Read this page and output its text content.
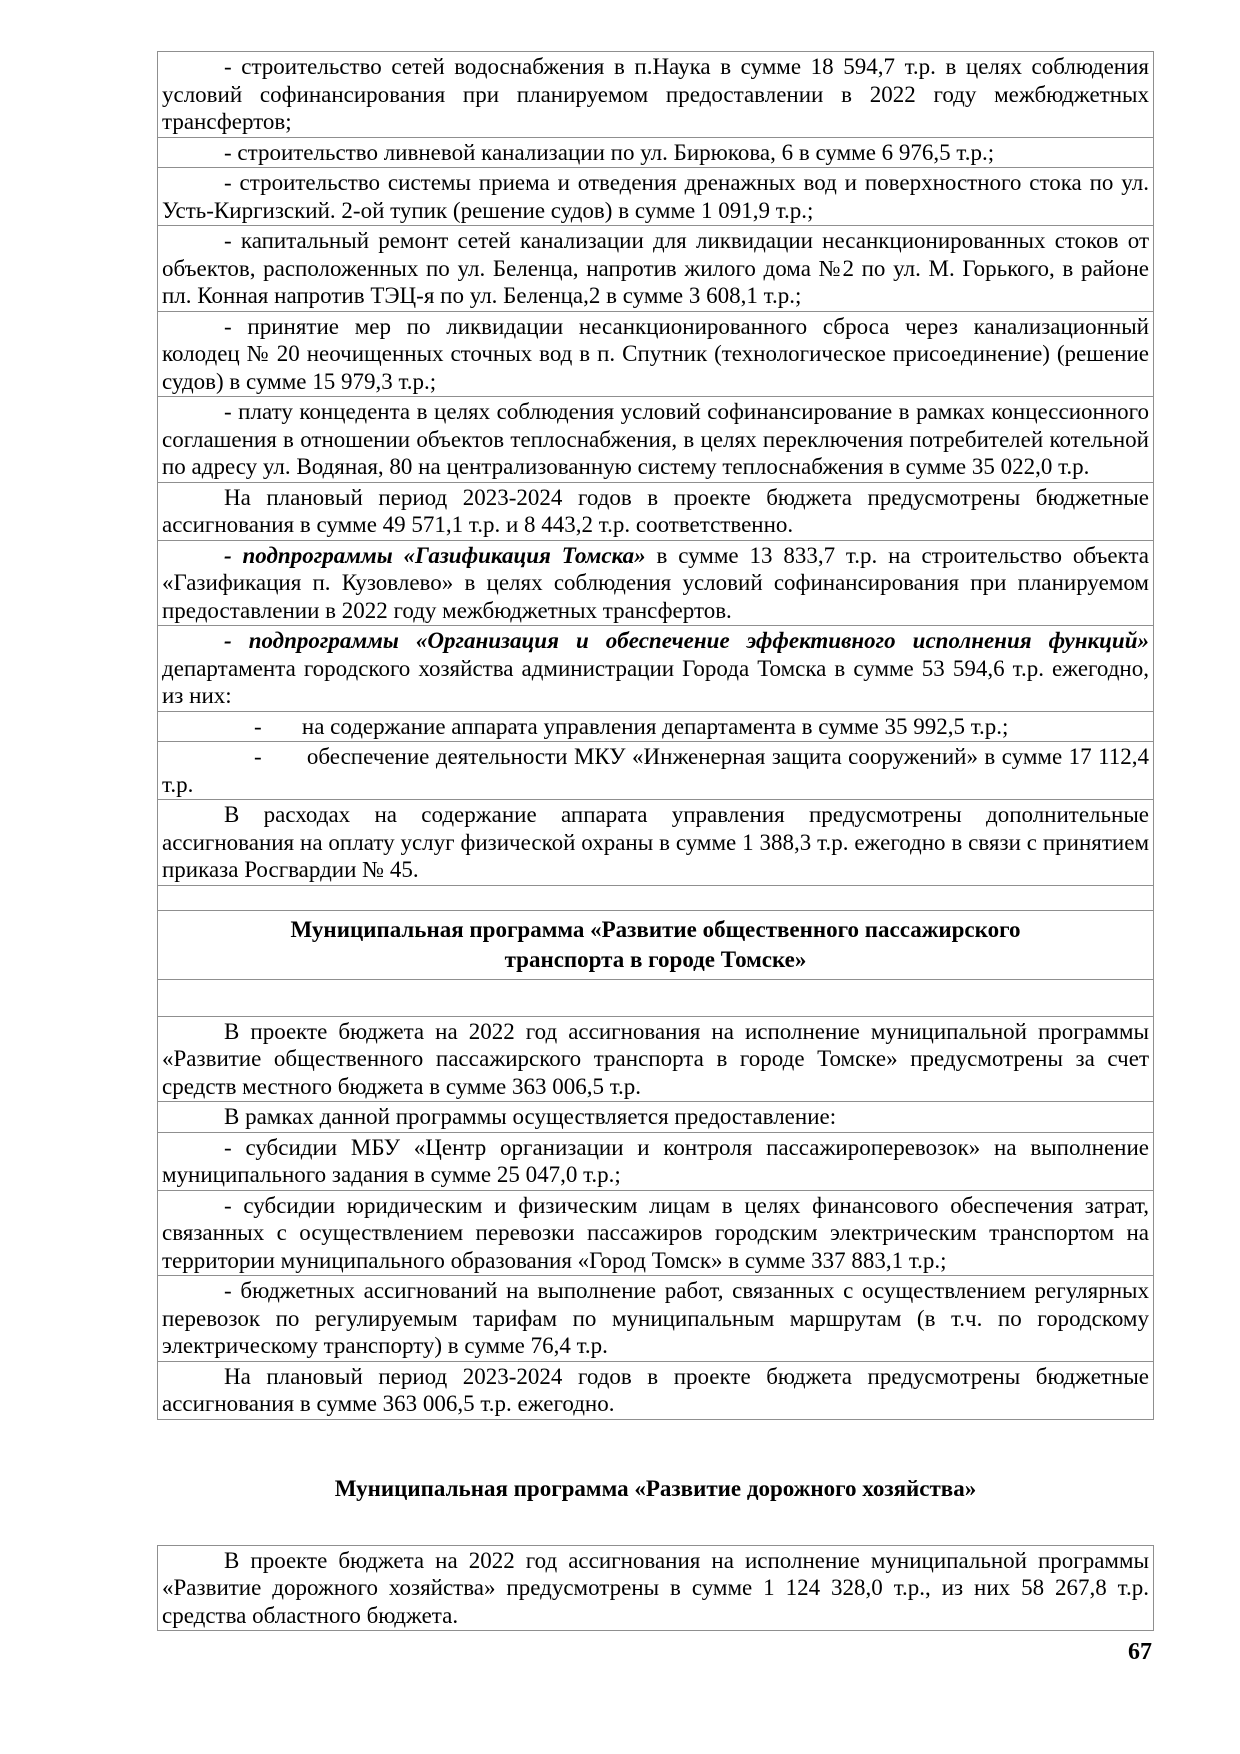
- строительство сетей водоснабжения в п.Наука в сумме 18 594,7 т.р. в целях соблюдения условий софинансирования при планируемом предоставлении в 2022 году межбюджетных трансфертов;
- строительство ливневой канализации по ул. Бирюкова, 6 в сумме 6 976,5 т.р.;
- строительство системы приема и отведения дренажных вод и поверхностного стока по ул. Усть-Киргизский. 2-ой тупик (решение судов) в сумме 1 091,9 т.р.;
- капитальный ремонт сетей канализации для ликвидации несанкционированных стоков от объектов, расположенных по ул. Беленца, напротив жилого дома №2 по ул. М. Горького, в районе пл. Конная напротив ТЭЦ-я по ул. Беленца,2 в сумме 3 608,1 т.р.;
- принятие мер по ликвидации несанкционированного сброса через канализационный колодец № 20 неочищенных сточных вод в п. Спутник (технологическое присоединение) (решение судов) в сумме 15 979,3 т.р.;
- плату концедента в целях соблюдения условий софинансирование в рамках концессионного соглашения в отношении объектов теплоснабжения, в целях переключения потребителей котельной по адресу ул. Водяная, 80 на централизованную систему теплоснабжения в сумме 35 022,0 т.р.
На плановый период 2023-2024 годов в проекте бюджета предусмотрены бюджетные ассигнования в сумме 49 571,1 т.р. и 8 443,2 т.р. соответственно.
- подпрограммы «Газификация Томска» в сумме 13 833,7 т.р. на строительство объекта «Газификация п. Кузовлево» в целях соблюдения условий софинансирования при планируемом предоставлении в 2022 году межбюджетных трансфертов.
- подпрограммы «Организация и обеспечение эффективного исполнения функций» департамента городского хозяйства администрации Города Томска в сумме 53 594,6 т.р. ежегодно, из них:
-       на содержание аппарата управления департамента в сумме 35 992,5 т.р.;
-       обеспечение деятельности МКУ «Инженерная защита сооружений» в сумме 17 112,4 т.р.
В расходах на содержание аппарата управления предусмотрены дополнительные ассигнования на оплату услуг физической охраны в сумме 1 388,3 т.р. ежегодно в связи с принятием приказа Росгвардии № 45.
Муниципальная программа «Развитие общественного пассажирского
транспорта в городе Томске»
В проекте бюджета на 2022 год ассигнования на исполнение муниципальной программы «Развитие общественного пассажирского транспорта в городе Томске» предусмотрены за счет средств местного бюджета в сумме 363 006,5 т.р.
В рамках данной программы осуществляется предоставление:
- субсидии МБУ «Центр организации и контроля пассажироперевозок» на выполнение муниципального задания в сумме 25 047,0 т.р.;
- субсидии юридическим и физическим лицам в целях финансового обеспечения затрат, связанных с осуществлением перевозки пассажиров городским электрическим транспортом на территории муниципального образования «Город Томск» в сумме 337 883,1 т.р.;
- бюджетных ассигнований на выполнение работ, связанных с осуществлением регулярных перевозок по регулируемым тарифам по муниципальным маршрутам (в т.ч. по городскому электрическому транспорту) в сумме 76,4 т.р.
На плановый период 2023-2024 годов в проекте бюджета предусмотрены бюджетные ассигнования в сумме 363 006,5 т.р. ежегодно.
Муниципальная программа «Развитие дорожного хозяйства»
В проекте бюджета на 2022 год ассигнования на исполнение муниципальной программы «Развитие дорожного хозяйства» предусмотрены в сумме 1 124 328,0 т.р., из них 58 267,8 т.р. средства областного бюджета.
67
